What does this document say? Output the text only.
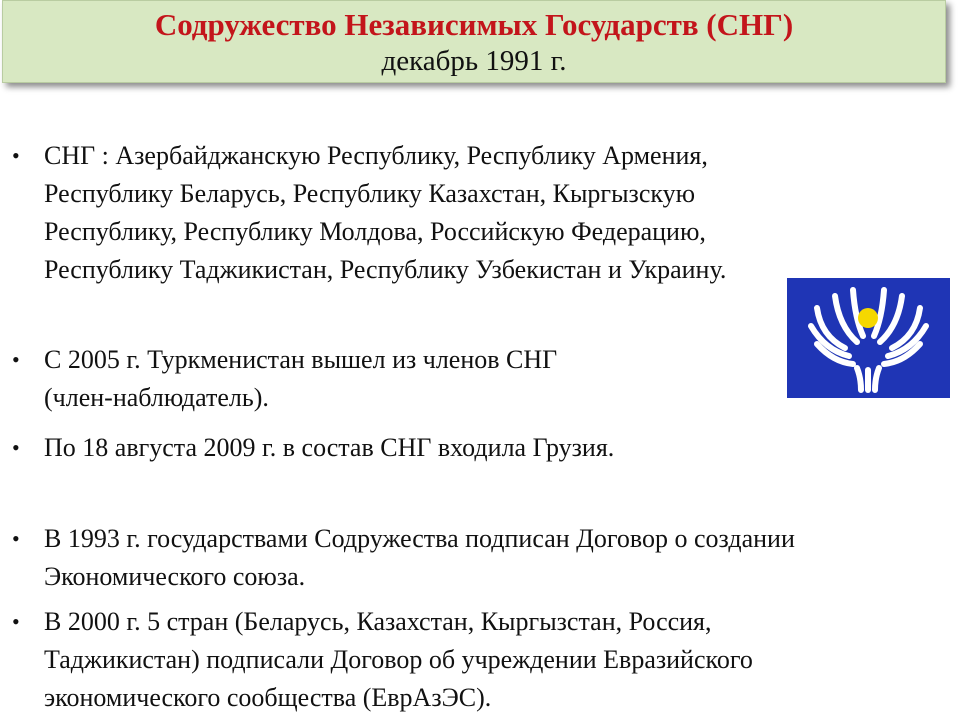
Содружество Независимых Государств (СНГ)
декабрь 1991 г.
• СНГ : Азербайджанскую Республику, Республику Армения,
Республику Беларусь, Республику Казахстан, Кыргызскую
Республику, Республику Молдова, Российскую Федерацию,
Республику Таджикистан, Республику Узбекистан и Украину.
• С 2005 г. Туркменистан вышел из членов СНГ
(член-наблюдатель).
• По 18 августа 2009 г. в состав СНГ входила Грузия.
• В 1993 г. государствами Содружества подписан Договор о создании
Экономического союза.
• В 2000 г. 5 стран (Беларусь, Казахстан, Кыргызстан, Россия,
Таджикистан) подписали Договор об учреждении Евразийского
экономического сообщества (ЕврАзЭС).
